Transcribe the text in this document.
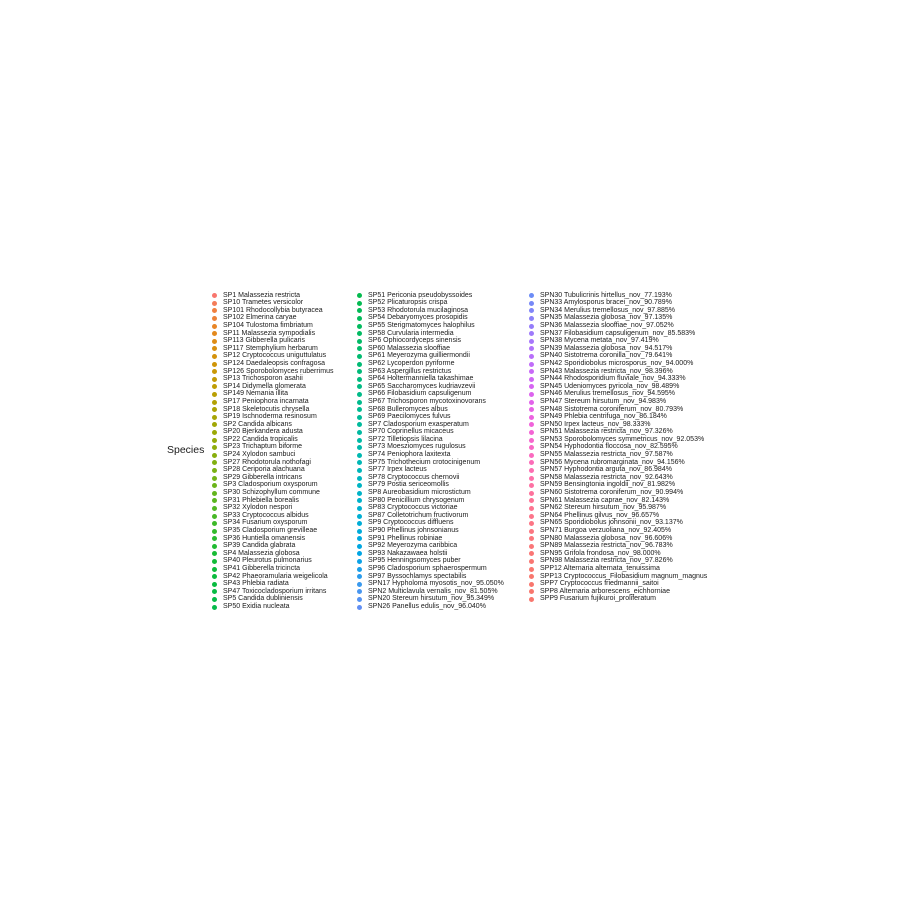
Species
SP1 Malassezia restricta
SP10 Trametes versicolor
SP101 Rhodocollybia butyracea
SP102 Elmerina caryae
SP104 Tulostoma fimbriatum
SP11 Malassezia sympodialis
SP113 Gibberella pulicaris
SP117 Stemphylium herbarum
SP12 Cryptococcus uniguttulatus
SP124 Daedaleopsis confragosa
SP126 Sporobolomyces ruberrimus
SP13 Trichosporon asahii
SP14 Didymella glomerata
SP149 Nemania illita
SP17 Peniophora incarnata
SP18 Skeletocutis chrysella
SP19 Ischnoderma resinosum
SP2 Candida albicans
SP20 Bjerkandera adusta
SP22 Candida tropicalis
SP23 Trichaptum biforme
SP24 Xylodon sambuci
SP27 Rhodotorula nothofagi
SP28 Ceriporia alachuana
SP29 Gibberella intricans
SP3 Cladosporium oxysporum
SP30 Schizophyllum commune
SP31 Phlebiella borealis
SP32 Xylodon nespori
SP33 Cryptococcus albidus
SP34 Fusarium oxysporum
SP35 Cladosporium grevilleae
SP36 Huntiella omanensis
SP39 Candida glabrata
SP4 Malassezia globosa
SP40 Pleurotus pulmonarius
SP41 Gibberella tricincta
SP42 Phaeoramularia weigelicola
SP43 Phlebia radiata
SP47 Toxicocladosporium irritans
SP5 Candida dubliniensis
SP50 Exidia nucleata
SP51 Periconia pseudobyssoides
SP52 Plicaturopsis crispa
SP53 Rhodotorula mucilaginosa
SP54 Debaryomyces prosopidis
SP55 Sterigmatomyces halophilus
SP58 Curvularia intermedia
SP6 Ophiocordyceps sinensis
SP60 Malassezia slooffiae
SP61 Meyerozyma guilliermondii
SP62 Lycoperdon pyriforme
SP63 Aspergillus restrictus
SP64 Holtermanniella takashimae
SP65 Saccharomyces kudriavzevii
SP66 Filobasidium capsuligenum
SP67 Trichosporon mycotoxinovorans
SP68 Bulleromyces albus
SP69 Paecilomyces fulvus
SP7 Cladosporium exasperatum
SP70 Coprinellus micaceus
SP72 Tilletiopsis lilacina
SP73 Moesziomyces rugulosus
SP74 Peniophora laxitexta
SP75 Trichothecium crotocinigenum
SP77 Irpex lacteus
SP78 Cryptococcus chernovii
SP79 Postia sericeomollis
SP8 Aureobasidium microstictum
SP80 Penicillium chrysogenum
SP83 Cryptococcus victoriae
SP87 Colletotrichum fructivorum
SP9 Cryptococcus diffluens
SP90 Phellinus johnsonianus
SP91 Phellinus robiniae
SP92 Meyerozyma caribbica
SP93 Nakazawaea holstii
SP95 Henningsomyces puber
SP96 Cladosporium sphaerospermum
SP97 Byssochlamys spectabilis
SPN17 Hypholoma myosotis_nov_95.050%
SPN2 Multiclavula vernalis_nov_81.505%
SPN20 Stereum hirsutum_nov_95.349%
SPN26 Panellus edulis_nov_96.040%
SPN30 Tubulicrinis hirtellus_nov_77.193%
SPN33 Amylosporus bracei_nov_90.789%
SPN34 Merulius tremellosus_nov_97.885%
SPN35 Malassezia globosa_nov_97.135%
SPN36 Malassezia slooffiae_nov_97.052%
SPN37 Filobasidium capsuligenum_nov_85.583%
SPN38 Mycena metata_nov_97.419%
SPN39 Malassezia globosa_nov_94.517%
SPN40 Sistotrema coronilla_nov_79.641%
SPN42 Sporidiobolus microsporus_nov_94.000%
SPN43 Malassezia restricta_nov_98.396%
SPN44 Rhodosporidium fluviale_nov_94.333%
SPN45 Udeniomyces pyricola_nov_98.489%
SPN46 Merulius tremellosus_nov_94.595%
SPN47 Stereum hirsutum_nov_94.983%
SPN48 Sistotrema coroniferum_nov_80.793%
SPN49 Phlebia centrifuga_nov_86.184%
SPN50 Irpex lacteus_nov_98.333%
SPN51 Malassezia restricta_nov_97.326%
SPN53 Sporobolomyces symmetricus_nov_92.053%
SPN54 Hyphodontia floccosa_nov_82.595%
SPN55 Malassezia restricta_nov_97.587%
SPN56 Mycena rubromarginata_nov_94.156%
SPN57 Hyphodontia arguta_nov_86.984%
SPN58 Malassezia restricta_nov_92.643%
SPN59 Bensingtonia ingoldii_nov_81.982%
SPN60 Sistotrema coroniferum_nov_90.994%
SPN61 Malassezia caprae_nov_82.143%
SPN62 Stereum hirsutum_nov_95.987%
SPN64 Phellinus gilvus_nov_96.657%
SPN65 Sporidiobolus johnsonii_nov_93.137%
SPN71 Burgoa verzuoliana_nov_92.405%
SPN80 Malassezia globosa_nov_96.606%
SPN89 Malassezia restricta_nov_96.783%
SPN95 Grifola frondosa_nov_98.000%
SPN98 Malassezia restricta_nov_97.826%
SPP12 Alternaria alternata_tenuissima
SPP13 Cryptococcus_Filobasidium magnum_magnus
SPP7 Cryptococcus friedmannii_saitoi
SPP8 Alternaria arborescens_eichhorniae
SPP9 Fusarium fujikuroi_proliferatum
